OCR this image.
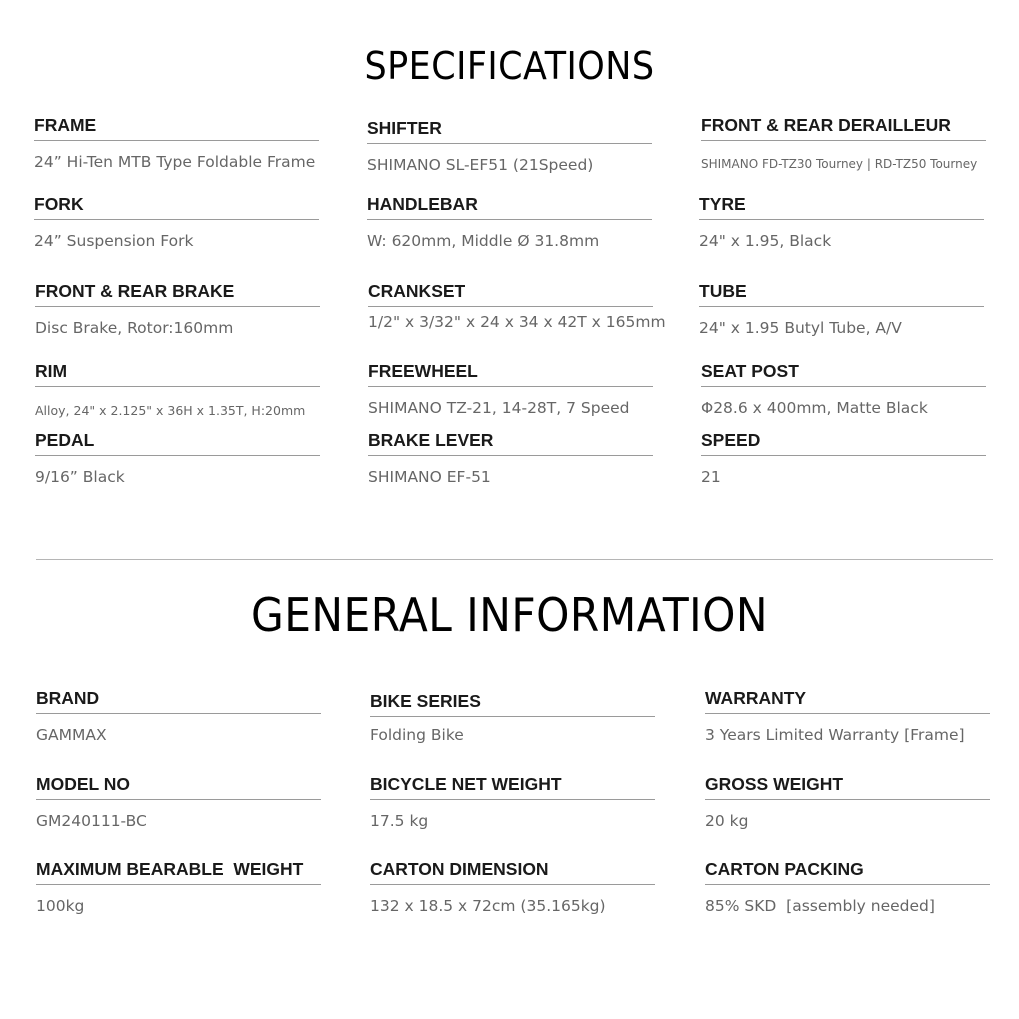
SPECIFICATIONS
FRAME
24” Hi-Ten MTB Type Foldable Frame
SHIFTER
SHIMANO SL-EF51 (21Speed)
FRONT & REAR DERAILLEUR
SHIMANO FD-TZ30 Tourney | RD-TZ50 Tourney
FORK
24” Suspension Fork
HANDLEBAR
W: 620mm, Middle Ø 31.8mm
TYRE
24" x 1.95, Black
FRONT & REAR BRAKE
Disc Brake, Rotor:160mm
CRANKSET
1/2" x 3/32" x 24 x 34 x 42T x 165mm
TUBE
24" x 1.95 Butyl Tube, A/V
RIM
Alloy, 24" x 2.125" x 36H x 1.35T, H:20mm
FREEWHEEL
SHIMANO TZ-21, 14-28T, 7 Speed
SEAT POST
Φ28.6 x 400mm, Matte Black
PEDAL
9/16” Black
BRAKE LEVER
SHIMANO EF-51
SPEED
21
GENERAL INFORMATION
BRAND
GAMMAX
BIKE SERIES
Folding Bike
WARRANTY
3 Years Limited Warranty [Frame]
MODEL NO
GM240111-BC
BICYCLE NET WEIGHT
17.5 kg
GROSS WEIGHT
20 kg
MAXIMUM BEARABLE  WEIGHT
100kg
CARTON DIMENSION
132 x 18.5 x 72cm (35.165kg)
CARTON PACKING
85% SKD  [assembly needed]
